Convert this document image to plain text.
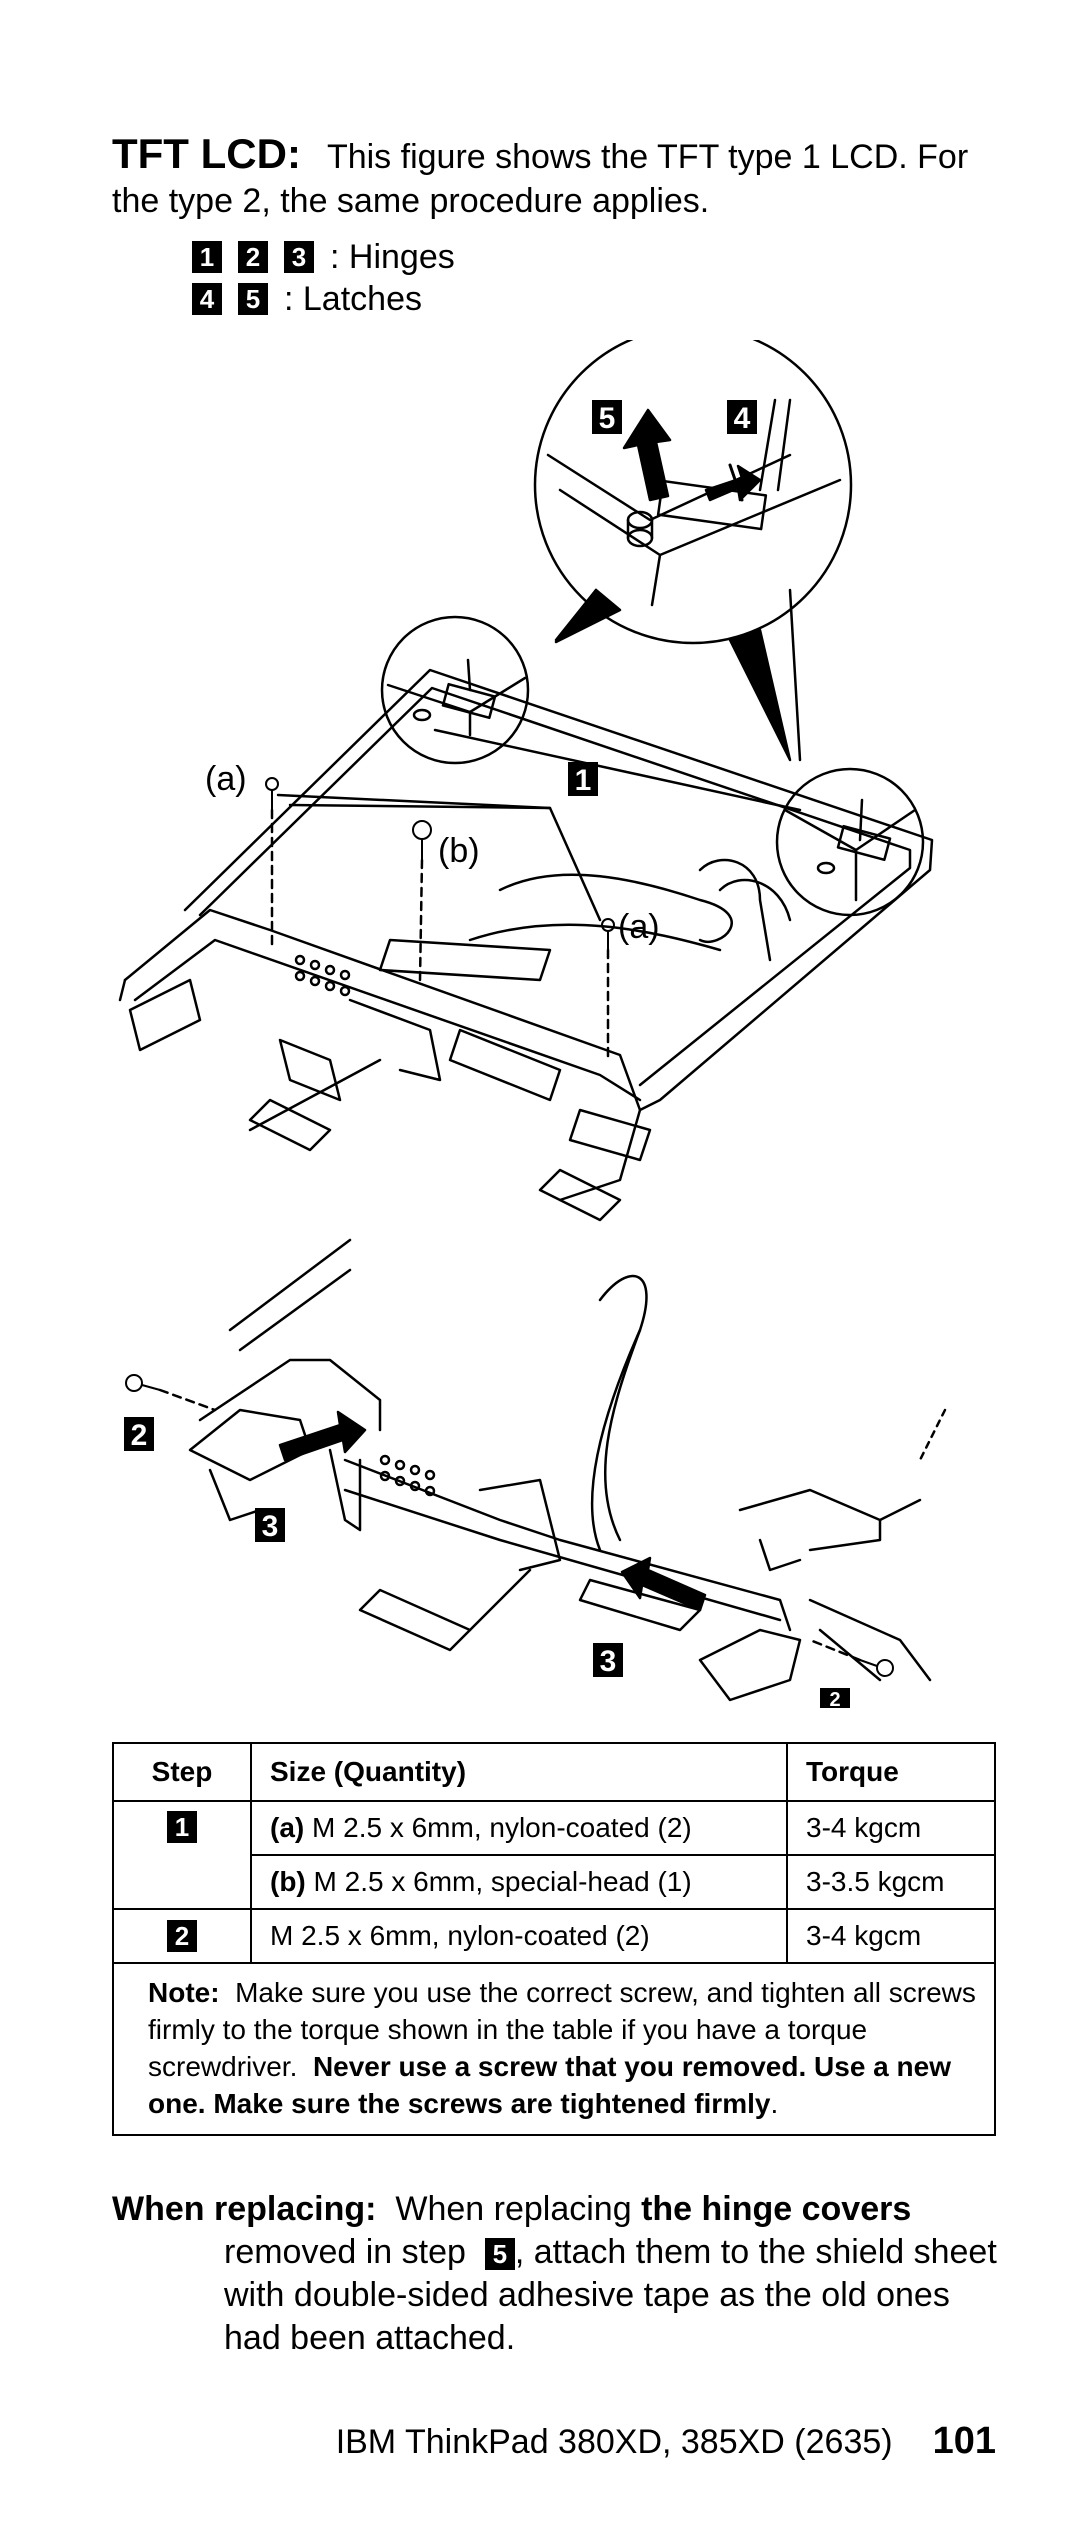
TFT LCD: This figure shows the TFT type 1 LCD. For the type 2, the same procedure applies.
1 2 3 : Hinges
4 5 : Latches
5	4
1
2
3
3
2
(a)
(b)
(a)
Step	Size (Quantity)	Torque
1	(a) M 2.5 x 6mm, nylon-coated (2)	3-4 kgcm
	(b) M 2.5 x 6mm, special-head (1)	3-3.5 kgcm
2	M 2.5 x 6mm, nylon-coated (2)	3-4 kgcm
Note: Make sure you use the correct screw, and tighten all screws firmly to the torque shown in the table if you have a torque screwdriver. Never use a screw that you removed. Use a new one. Make sure the screws are tightened firmly.		
When replacing: When replacing the hinge covers
removed in step 5 , attach them to the shield sheet with double-sided adhesive tape as the old ones had been attached.
IBM ThinkPad 380XD, 385XD (2635) 101
